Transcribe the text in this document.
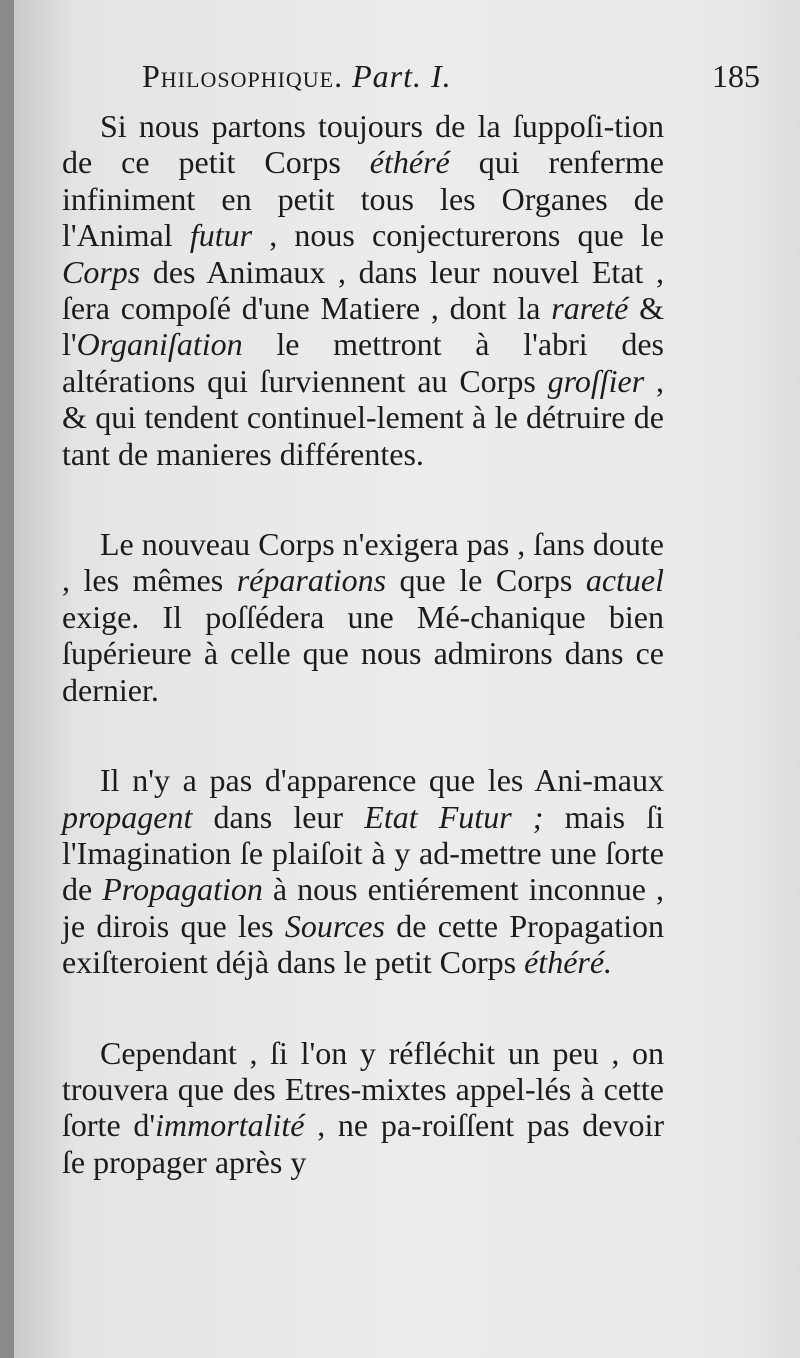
Philosophique. Part. I.	185

Si nous partons toujours de la ſuppoſi-tion de ce petit Corps éthéré qui renferme infiniment en petit tous les Organes de l'Animal futur , nous conjecturerons que le Corps des Animaux , dans leur nouvel Etat , ſera compoſé d'une Matiere , dont la rareté & l'Organiſation le mettront à l'abri des altérations qui ſurviennent au Corps groſſier , & qui tendent continuel-lement à le détruire de tant de manieres différentes.

Le nouveau Corps n'exigera pas , ſans doute , les mêmes réparations que le Corps actuel exige. Il poſſédera une Mé-chanique bien ſupérieure à celle que nous admirons dans ce dernier.

Il n'y a pas d'apparence que les Ani-maux propagent dans leur Etat Futur ; mais ſi l'Imagination ſe plaiſoit à y ad-mettre une ſorte de Propagation à nous entiérement inconnue , je dirois que les Sources de cette Propagation exiſteroient déjà dans le petit Corps éthéré.

Cependant , ſi l'on y réfléchit un peu , on trouvera que des Etres-mixtes appel-lés à cette ſorte d'immortalité , ne pa-roiſſent pas devoir ſe propager après y
